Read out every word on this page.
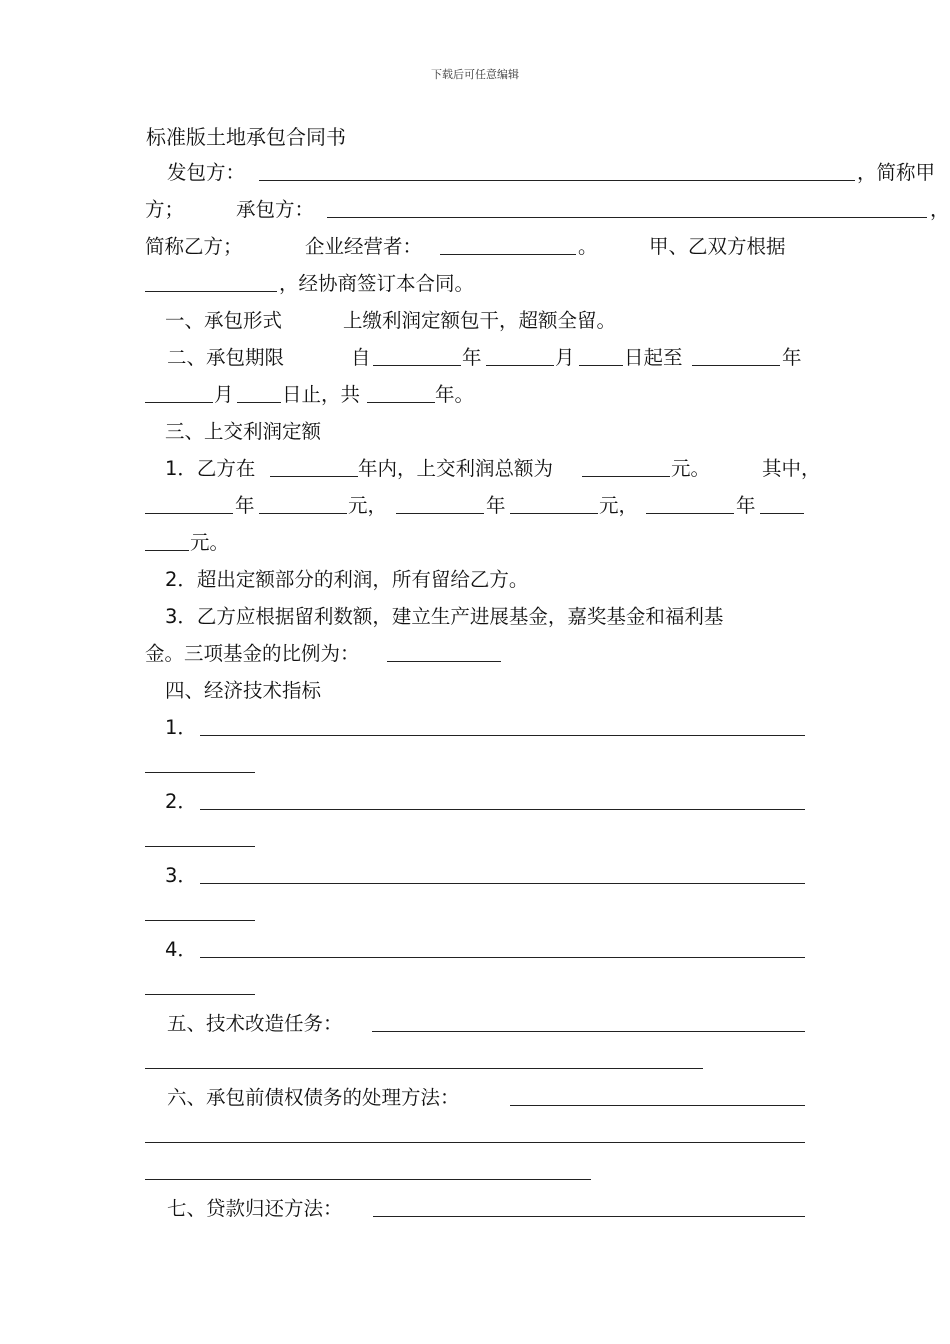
下载后可任意编辑
标准版土地承包合同书
发包方：	，简称甲
方；	承包方：	，
简称乙方；	企业经营者：	。	甲、乙双方根据
，经协商签订本合同。
一、承包形式	上缴利润定额包干，超额全留。
二、承包期限	自	年	月	日起至	年
月 日止，共	年。
三、上交利润定额
1．乙方在	年内，上交利润总额为	元。	其中，
年	元，	年	元，	年
元。
2．超出定额部分的利润，所有留给乙方。
3．乙方应根据留利数额，建立生产进展基金，嘉奖基金和福利基
金。三项基金的比例为：
四、经济技术指标
1．
2．
3．
4．
五、技术改造任务：
六、承包前债权债务的处理方法：
七、贷款归还方法：
